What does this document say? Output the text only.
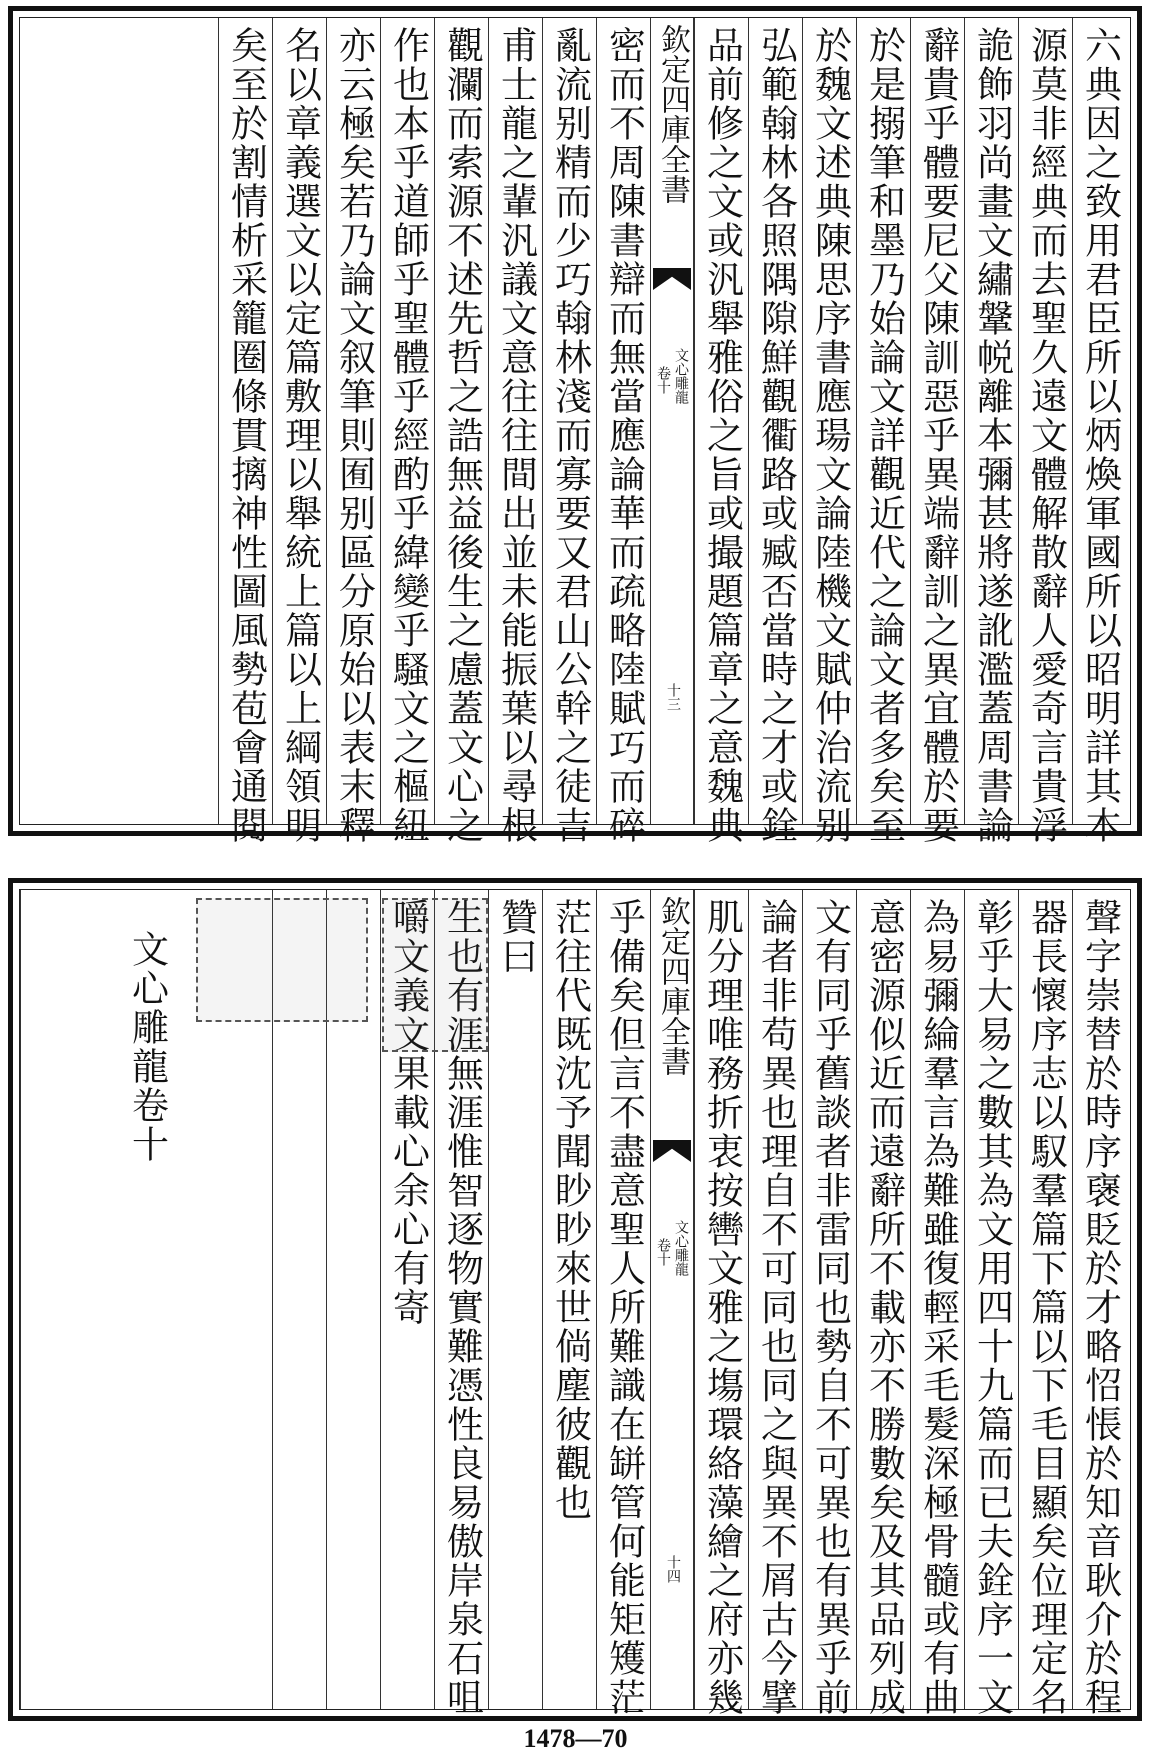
六典因之致用君臣所以炳煥軍國所以昭明詳其本
源莫非經典而去聖久遠文體解散辭人愛奇言貴浮
詭飾羽尚畫文繡鞶帨離本彌甚將遂訛濫蓋周書論
辭貴乎體要尼父陳訓惡乎異端辭訓之異宜體於要
於是搦筆和墨乃始論文詳觀近代之論文者多矣至
於魏文述典陳思序書應瑒文論陸機文賦仲治流别
弘範翰林各照隅隙鮮觀衢路或臧否當時之才或銓
品前修之文或汎舉雅俗之旨或撮題篇章之意魏典
欽定四庫全書
文心雕龍
卷十
十三
密而不周陳書辯而無當應論華而疏略陸賦巧而碎
亂流别精而少巧翰林淺而寡要又君山公幹之徒吉
甫士龍之輩汎議文意往往間出並未能振葉以尋根
觀瀾而索源不述先哲之誥無益後生之慮蓋文心之
作也本乎道師乎聖體乎經酌乎緯變乎騷文之樞紐
亦云極矣若乃論文叙筆則囿别區分原始以表末釋
名以章義選文以定篇敷理以舉統上篇以上綱領明
矣至於割情析采籠圈條貫摛神性圖風勢苞會通閱
聲字崇替於時序襃貶於才略怊悵於知音耿介於程
器長懷序志以馭羣篇下篇以下毛目顯矣位理定名
彰乎大易之數其為文用四十九篇而已夫銓序一文
為易彌綸羣言為難雖復輕采毛髮深極骨髓或有曲
意密源似近而遠辭所不載亦不勝數矣及其品列成
文有同乎舊談者非雷同也勢自不可異也有異乎前
論者非苟異也理自不可同也同之與異不屑古今擘
肌分理唯務折衷按轡文雅之塲環絡藻繪之府亦幾
欽定四庫全書
文心雕龍
卷十
十四
乎備矣但言不盡意聖人所難識在缾管何能矩矱茫
茫往代既沈予聞眇眇來世倘塵彼觀也
贊曰
生也有涯無涯惟智逐物實難憑性良易傲岸泉石咀
嚼文義文果載心余心有寄
文心雕龍卷十
1478—70
